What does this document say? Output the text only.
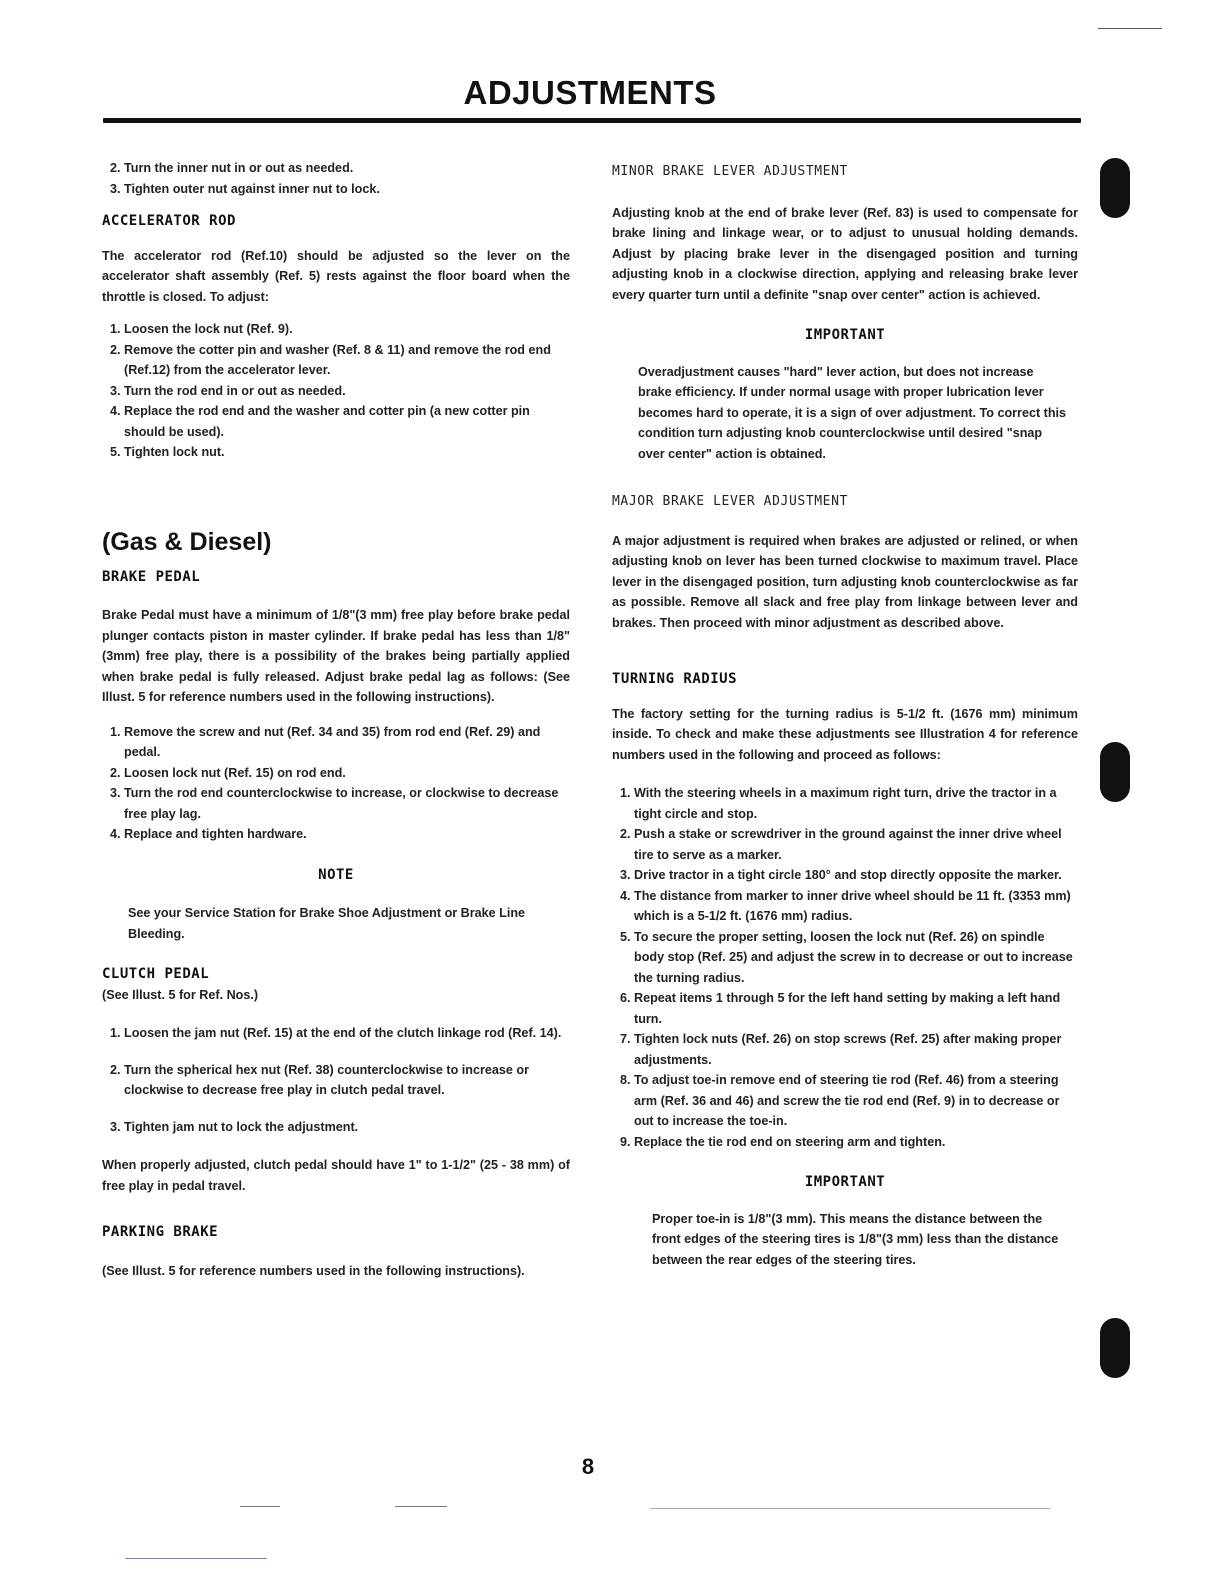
ADJUSTMENTS
2. Turn the inner nut in or out as needed.
3. Tighten outer nut against inner nut to lock.
ACCELERATOR ROD

The accelerator rod (Ref.10) should be adjusted so the lever on the accelerator shaft assembly (Ref. 5) rests against the floor board when the throttle is closed. To adjust:

1. Loosen the lock nut (Ref. 9).
2. Remove the cotter pin and washer (Ref. 8 & 11) and remove the rod end (Ref.12) from the accelerator lever.
3. Turn the rod end in or out as needed.
4. Replace the rod end and the washer and cotter pin (a new cotter pin should be used).
5. Tighten lock nut.
(Gas & Diesel)
BRAKE PEDAL

Brake Pedal must have a minimum of 1/8"(3 mm) free play before brake pedal plunger contacts piston in master cylinder. If brake pedal has less than 1/8"(3mm) free play, there is a possibility of the brakes being partially applied when brake pedal is fully released. Adjust brake pedal lag as follows: (See Illust. 5 for reference numbers used in the following instructions).

1. Remove the screw and nut (Ref. 34 and 35) from rod end (Ref. 29) and pedal.
2. Loosen lock nut (Ref. 15) on rod end.
3. Turn the rod end counterclockwise to increase, or clockwise to decrease free play lag.
4. Replace and tighten hardware.
NOTE

See your Service Station for Brake Shoe Adjustment or Brake Line Bleeding.

CLUTCH PEDAL

(See Illust. 5 for Ref. Nos.)

1. Loosen the jam nut (Ref. 15) at the end of the clutch linkage rod (Ref. 14).
2. Turn the spherical hex nut (Ref. 38) counterclockwise to increase or clockwise to decrease free play in clutch pedal travel.
3. Tighten jam nut to lock the adjustment.

When properly adjusted, clutch pedal should have 1" to 1-1/2" (25 - 38 mm) of free play in pedal travel.

PARKING BRAKE

(See Illust. 5 for reference numbers used in the following instructions).

MINOR BRAKE LEVER ADJUSTMENT

Adjusting knob at the end of brake lever (Ref. 83) is used to compensate for brake lining and linkage wear, or to adjust to unusual holding demands. Adjust by placing brake lever in the disengaged position and turning adjusting knob in a clockwise direction, applying and releasing brake lever every quarter turn until a definite "snap over center" action is achieved.

IMPORTANT

Overadjustment causes "hard" lever action, but does not increase brake efficiency. If under normal usage with proper lubrication lever becomes hard to operate, it is a sign of over adjustment. To correct this condition turn adjusting knob counterclockwise until desired "snap over center" action is obtained.

MAJOR BRAKE LEVER ADJUSTMENT

A major adjustment is required when brakes are adjusted or relined, or when adjusting knob on lever has been turned clockwise to maximum travel. Place lever in the disengaged position, turn adjusting knob counterclockwise as far as possible. Remove all slack and free play from linkage between lever and brakes. Then proceed with minor adjustment as described above.

TURNING RADIUS

The factory setting for the turning radius is 5-1/2 ft. (1676 mm) minimum inside. To check and make these adjustments see Illustration 4 for reference numbers used in the following and proceed as follows:

1. With the steering wheels in a maximum right turn, drive the tractor in a tight circle and stop.
2. Push a stake or screwdriver in the ground against the inner drive wheel tire to serve as a marker.
3. Drive tractor in a tight circle 180° and stop directly opposite the marker.
4. The distance from marker to inner drive wheel should be 11 ft. (3353 mm) which is a 5-1/2 ft. (1676 mm) radius.
5. To secure the proper setting, loosen the lock nut (Ref. 26) on spindle body stop (Ref. 25) and adjust the screw in to decrease or out to increase the turning radius.
6. Repeat items 1 through 5 for the left hand setting by making a left hand turn.
7. Tighten lock nuts (Ref. 26) on stop screws (Ref. 25) after making proper adjustments.
8. To adjust toe-in remove end of steering tie rod (Ref. 46) from a steering arm (Ref. 36 and 46) and screw the tie rod end (Ref. 9) in to decrease or out to increase the toe-in.
9. Replace the tie rod end on steering arm and tighten.
IMPORTANT

Proper toe-in is 1/8"(3 mm). This means the distance between the front edges of the steering tires is 1/8"(3 mm) less than the distance between the rear edges of the steering tires.

8
